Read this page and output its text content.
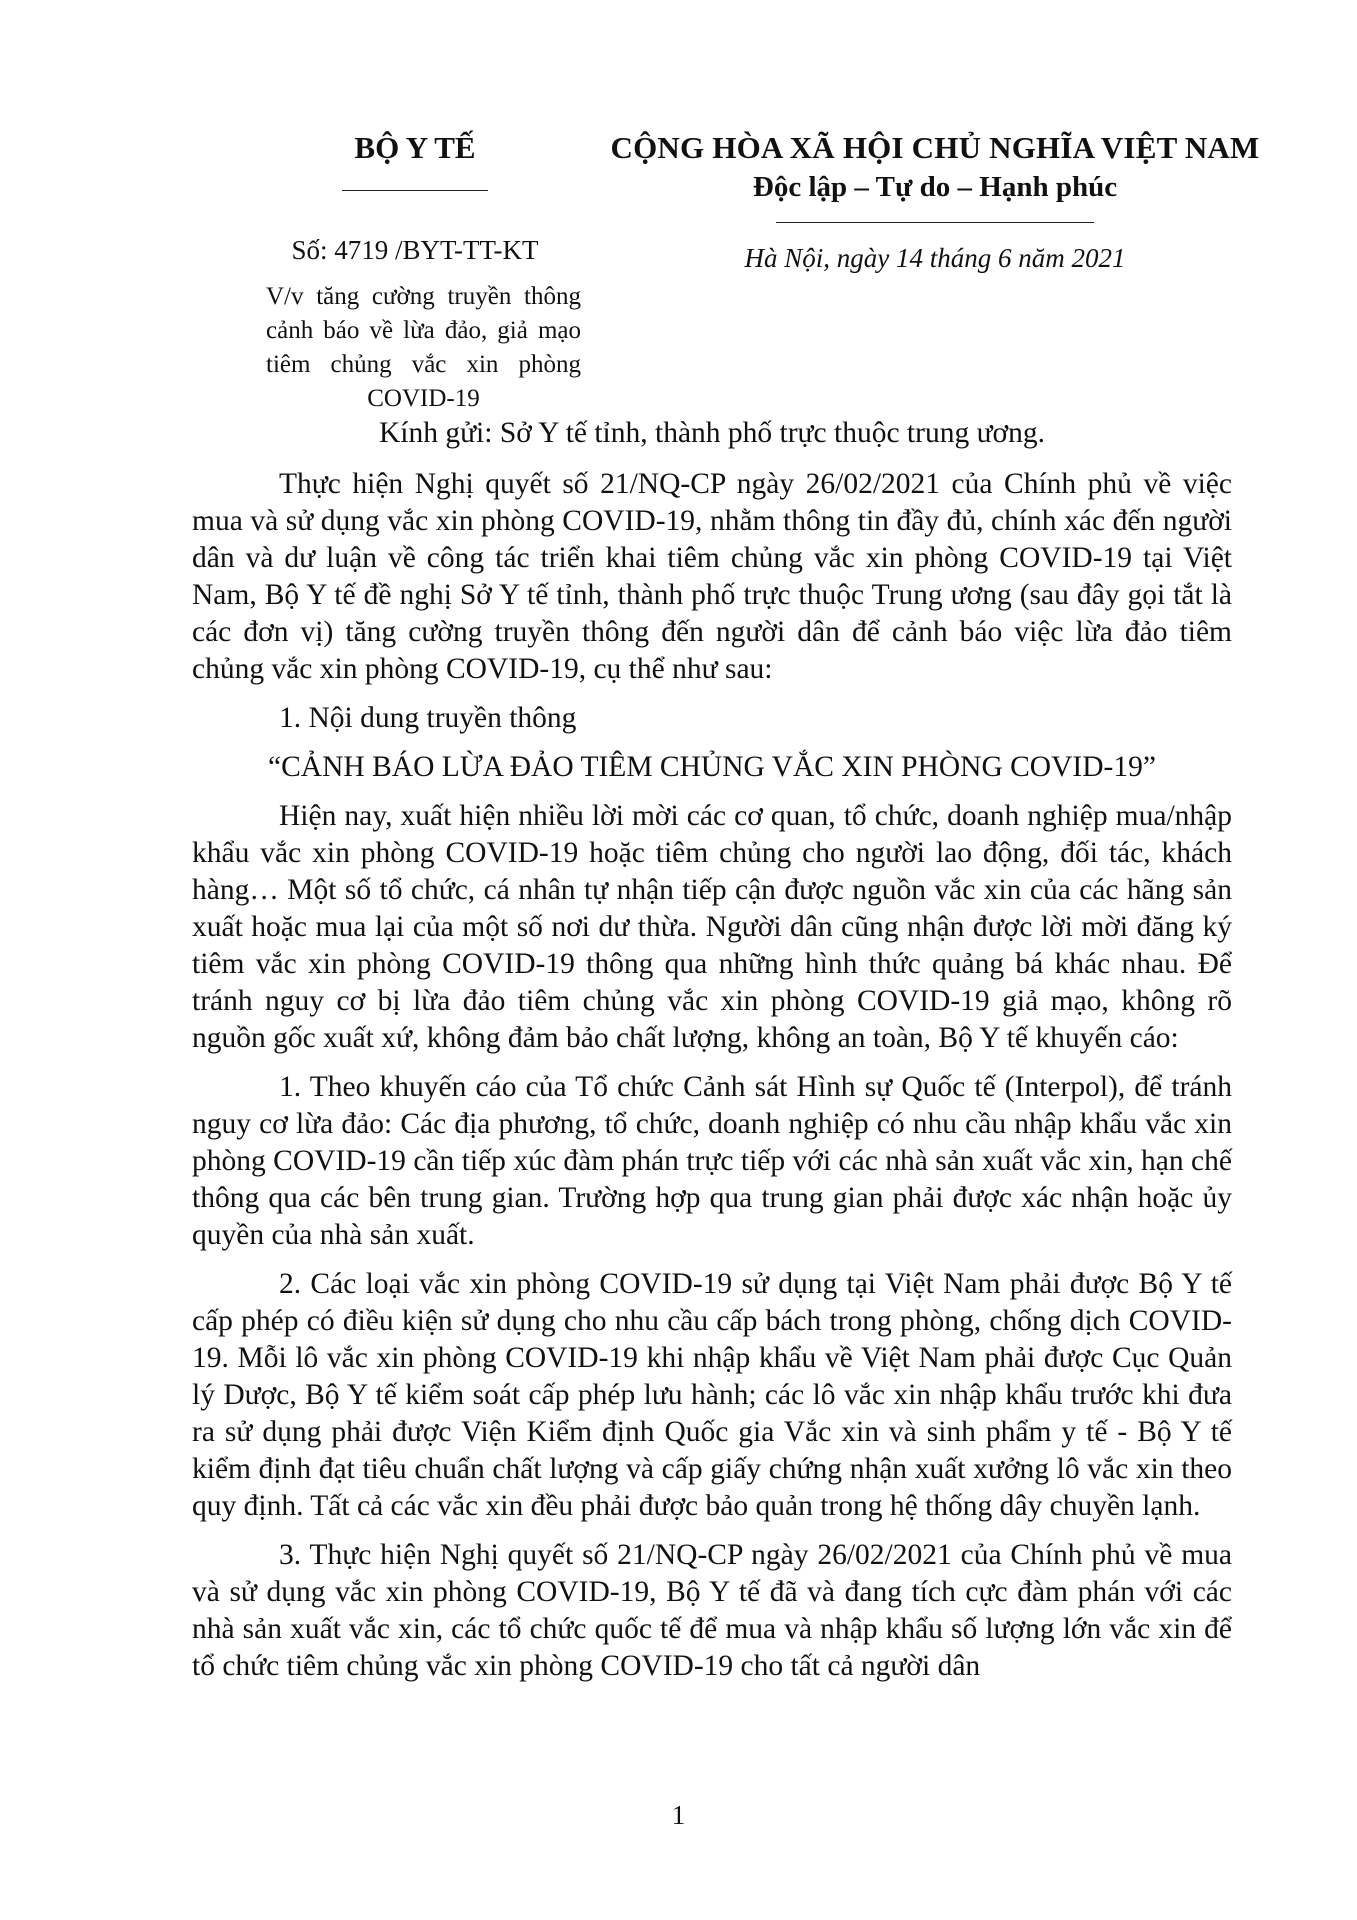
BỘ Y TẾ	CỘNG HÒA XÃ HỘI CHỦ NGHĨA VIỆT NAM
Độc lập – Tự do – Hạnh phúc
Số: 4719 /BYT-TT-KT
V/v tăng cường truyền thông cảnh báo về lừa đảo, giả mạo tiêm chủng vắc xin phòng COVID-19
Hà Nội, ngày 14 tháng 6 năm 2021

Kính gửi: Sở Y tế tỉnh, thành phố trực thuộc trung ương.

Thực hiện Nghị quyết số 21/NQ-CP ngày 26/02/2021 của Chính phủ về việc mua và sử dụng vắc xin phòng COVID-19, nhằm thông tin đầy đủ, chính xác đến người dân và dư luận về công tác triển khai tiêm chủng vắc xin phòng COVID-19 tại Việt Nam, Bộ Y tế đề nghị Sở Y tế tỉnh, thành phố trực thuộc Trung ương (sau đây gọi tắt là các đơn vị) tăng cường truyền thông đến người dân để cảnh báo việc lừa đảo tiêm chủng vắc xin phòng COVID-19, cụ thể như sau:

1. Nội dung truyền thông

“CẢNH BÁO LỪA ĐẢO TIÊM CHỦNG VẮC XIN PHÒNG COVID-19”

Hiện nay, xuất hiện nhiều lời mời các cơ quan, tổ chức, doanh nghiệp mua/nhập khẩu vắc xin phòng COVID-19 hoặc tiêm chủng cho người lao động, đối tác, khách hàng… Một số tổ chức, cá nhân tự nhận tiếp cận được nguồn vắc xin của các hãng sản xuất hoặc mua lại của một số nơi dư thừa. Người dân cũng nhận được lời mời đăng ký tiêm vắc xin phòng COVID-19 thông qua những hình thức quảng bá khác nhau. Để tránh nguy cơ bị lừa đảo tiêm chủng vắc xin phòng COVID-19 giả mạo, không rõ nguồn gốc xuất xứ, không đảm bảo chất lượng, không an toàn, Bộ Y tế khuyến cáo:

1. Theo khuyến cáo của Tổ chức Cảnh sát Hình sự Quốc tế (Interpol), để tránh nguy cơ lừa đảo: Các địa phương, tổ chức, doanh nghiệp có nhu cầu nhập khẩu vắc xin phòng COVID-19 cần tiếp xúc đàm phán trực tiếp với các nhà sản xuất vắc xin, hạn chế thông qua các bên trung gian. Trường hợp qua trung gian phải được xác nhận hoặc ủy quyền của nhà sản xuất.

2. Các loại vắc xin phòng COVID-19 sử dụng tại Việt Nam phải được Bộ Y tế cấp phép có điều kiện sử dụng cho nhu cầu cấp bách trong phòng, chống dịch COVID-19. Mỗi lô vắc xin phòng COVID-19 khi nhập khẩu về Việt Nam phải được Cục Quản lý Dược, Bộ Y tế kiểm soát cấp phép lưu hành; các lô vắc xin nhập khẩu trước khi đưa ra sử dụng phải được Viện Kiểm định Quốc gia Vắc xin và sinh phẩm y tế - Bộ Y tế kiểm định đạt tiêu chuẩn chất lượng và cấp giấy chứng nhận xuất xưởng lô vắc xin theo quy định. Tất cả các vắc xin đều phải được bảo quản trong hệ thống dây chuyền lạnh.

3. Thực hiện Nghị quyết số 21/NQ-CP ngày 26/02/2021 của Chính phủ về mua và sử dụng vắc xin phòng COVID-19, Bộ Y tế đã và đang tích cực đàm phán với các nhà sản xuất vắc xin, các tổ chức quốc tế để mua và nhập khẩu số lượng lớn vắc xin để tổ chức tiêm chủng vắc xin phòng COVID-19 cho tất cả người dân

1
